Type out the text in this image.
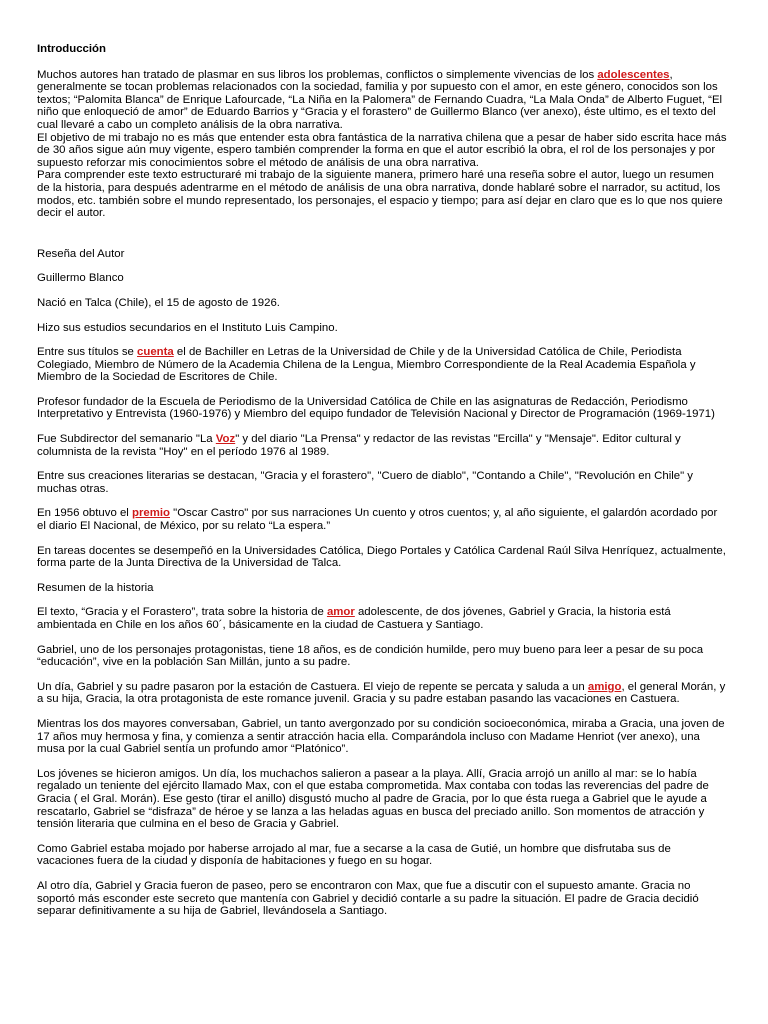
Introducción

Muchos autores han tratado de plasmar en sus libros los problemas, conflictos o simplemente vivencias de los adolescentes, generalmente se tocan problemas relacionados con la sociedad, familia y por supuesto con el amor, en este género, conocidos son los textos; “Palomita Blanca” de Enrique Lafourcade, “La Niña en la Palomera” de Fernando Cuadra, “La Mala Onda” de Alberto Fuguet, “El niño que enloqueció de amor” de Eduardo Barrios y “Gracia y el forastero” de Guillermo Blanco (ver anexo), éste ultimo, es el texto del cual llevaré a cabo un completo análisis de la obra narrativa.

El objetivo de mi trabajo no es más que entender esta obra fantástica de la narrativa chilena que a pesar de haber sido escrita hace más de 30 años sigue aún muy vigente, espero también comprender la forma en que el autor escribió la obra, el rol de los personajes y por supuesto reforzar mis conocimientos sobre el método de análisis de una obra narrativa.

Para comprender este texto estructuraré mi trabajo de la siguiente manera, primero haré una reseña sobre el autor, luego un resumen de la historia, para después adentrarme en el método de análisis de una obra narrativa, donde hablaré sobre el narrador, su actitud, los modos, etc. también sobre el mundo representado, los personajes, el espacio y tiempo; para así dejar en claro que es lo que nos quiere decir el autor.

Reseña del Autor

Guillermo Blanco

Nació en Talca (Chile), el 15 de agosto de 1926.

Hizo sus estudios secundarios en el Instituto Luis Campino.

Entre sus títulos se cuenta el de Bachiller en Letras de la Universidad de Chile y de la Universidad Católica de Chile, Periodista Colegiado, Miembro de Número de la Academia Chilena de la Lengua, Miembro Correspondiente de la Real Academia Española y Miembro de la Sociedad de Escritores de Chile.

Profesor fundador de la Escuela de Periodismo de la Universidad Católica de Chile en las asignaturas de Redacción, Periodismo Interpretativo y Entrevista (1960-1976) y Miembro del equipo fundador de Televisión Nacional y Director de Programación (1969-1971)

Fue Subdirector del semanario "La Voz" y del diario "La Prensa" y redactor de las revistas "Ercilla" y "Mensaje". Editor cultural y columnista de la revista "Hoy" en el período 1976 al 1989.

Entre sus creaciones literarias se destacan, "Gracia y el forastero", "Cuero de diablo", "Contando a Chile", "Revolución en Chile" y muchas otras.

En 1956 obtuvo el premio "Oscar Castro" por sus narraciones Un cuento y otros cuentos; y, al año siguiente, el galardón acordado por el diario El Nacional, de México, por su relato “La espera.”

En tareas docentes se desempeñó en la Universidades Católica, Diego Portales y Católica Cardenal Raúl Silva Henríquez, actualmente, forma parte de la Junta Directiva de la Universidad de Talca.

Resumen de la historia

El texto, “Gracia y el Forastero”, trata sobre la historia de amor adolescente, de dos jóvenes, Gabriel y Gracia, la historia está ambientada en Chile en los años 60´, básicamente en la ciudad de Castuera y Santiago.

Gabriel, uno de los personajes protagonistas, tiene 18 años, es de condición humilde, pero muy bueno para leer a pesar de su poca “educación”, vive en la población San Millán, junto a su padre.

Un día, Gabriel y su padre pasaron por la estación de Castuera. El viejo de repente se percata y saluda a un amigo, el general Morán, y a su hija, Gracia, la otra protagonista de este romance juvenil. Gracia y su padre estaban pasando las vacaciones en Castuera.

Mientras los dos mayores conversaban, Gabriel, un tanto avergonzado por su condición socioeconómica, miraba a Gracia, una joven de 17 años muy hermosa y fina, y comienza a sentir atracción hacia ella. Comparándola incluso con Madame Henriot (ver anexo), una musa por la cual Gabriel sentía un profundo amor “Platónico”.

Los jóvenes se hicieron amigos. Un día, los muchachos salieron a pasear a la playa. Allí, Gracia arrojó un anillo al mar: se lo había regalado un teniente del ejército llamado Max, con el que estaba comprometida. Max contaba con todas las reverencias del padre de Gracia ( el Gral. Morán). Ese gesto (tirar el anillo) disgustó mucho al padre de Gracia, por lo que ésta ruega a Gabriel que le ayude a rescatarlo, Gabriel se “disfraza” de héroe y se lanza a las heladas aguas en busca del preciado anillo. Son momentos de atracción y tensión literaria que culmina en el beso de Gracia y Gabriel.

Como Gabriel estaba mojado por haberse arrojado al mar, fue a secarse a la casa de Gutié, un hombre que disfrutaba sus de vacaciones fuera de la ciudad y disponía de habitaciones y fuego en su hogar.

Al otro día, Gabriel y Gracia fueron de paseo, pero se encontraron con Max, que fue a discutir con el supuesto amante. Gracia no soportó más esconder este secreto que mantenía con Gabriel y decidió contarle a su padre la situación. El padre de Gracia decidió separar definitivamente a su hija de Gabriel, llevándosela a Santiago.
